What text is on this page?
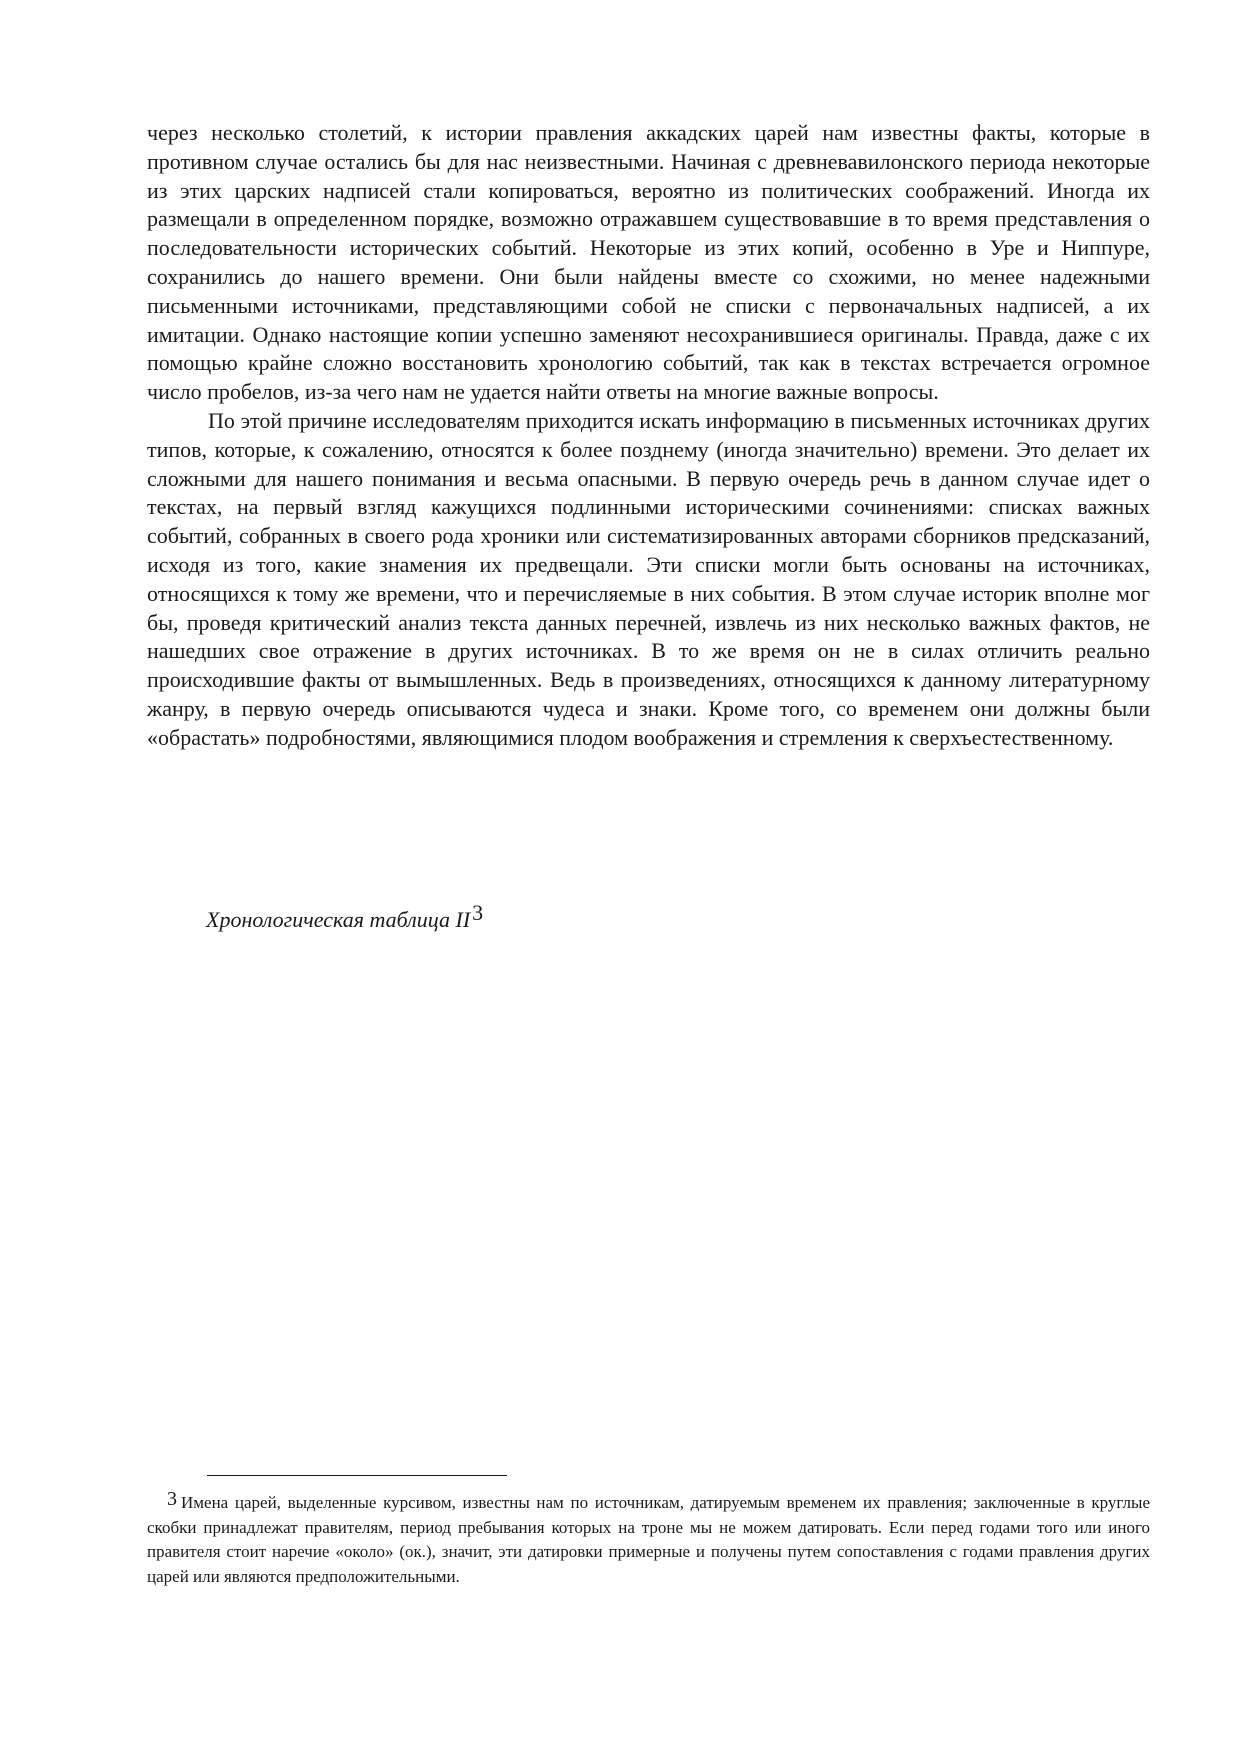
через несколько столетий, к истории правления аккадских царей нам известны факты, которые в противном случае остались бы для нас неизвестными. Начиная с древневавилонского периода некоторые из этих царских надписей стали копироваться, вероятно из политических соображений. Иногда их размещали в определенном порядке, возможно отражавшем существовавшие в то время представления о последовательности исторических событий. Некоторые из этих копий, особенно в Уре и Ниппуре, сохранились до нашего времени. Они были найдены вместе со схожими, но менее надежными письменными источниками, представляющими собой не списки с первоначальных надписей, а их имитации. Однако настоящие копии успешно заменяют несохранившиеся оригиналы. Правда, даже с их помощью крайне сложно восстановить хронологию событий, так как в текстах встречается огромное число пробелов, из-за чего нам не удается найти ответы на многие важные вопросы.

По этой причине исследователям приходится искать информацию в письменных источниках других типов, которые, к сожалению, относятся к более позднему (иногда значительно) времени. Это делает их сложными для нашего понимания и весьма опасными. В первую очередь речь в данном случае идет о текстах, на первый взгляд кажущихся подлинными историческими сочинениями: списках важных событий, собранных в своего рода хроники или систематизированных авторами сборников предсказаний, исходя из того, какие знамения их предвещали. Эти списки могли быть основаны на источниках, относящихся к тому же времени, что и перечисляемые в них события. В этом случае историк вполне мог бы, проведя критический анализ текста данных перечней, извлечь из них несколько важных фактов, не нашедших свое отражение в других источниках. В то же время он не в силах отличить реально происходившие факты от вымышленных. Ведь в произведениях, относящихся к данному литературному жанру, в первую очередь описываются чудеса и знаки. Кроме того, со временем они должны были «обрастать» подробностями, являющимися плодом воображения и стремления к сверхъестественному.

Хронологическая таблица II3
3 Имена царей, выделенные курсивом, известны нам по источникам, датируемым временем их правления; заключенные в круглые скобки принадлежат правителям, период пребывания которых на троне мы не можем датировать. Если перед годами того или иного правителя стоит наречие «около» (ок.), значит, эти датировки примерные и получены путем сопоставления с годами правления других царей или являются предположительными.
